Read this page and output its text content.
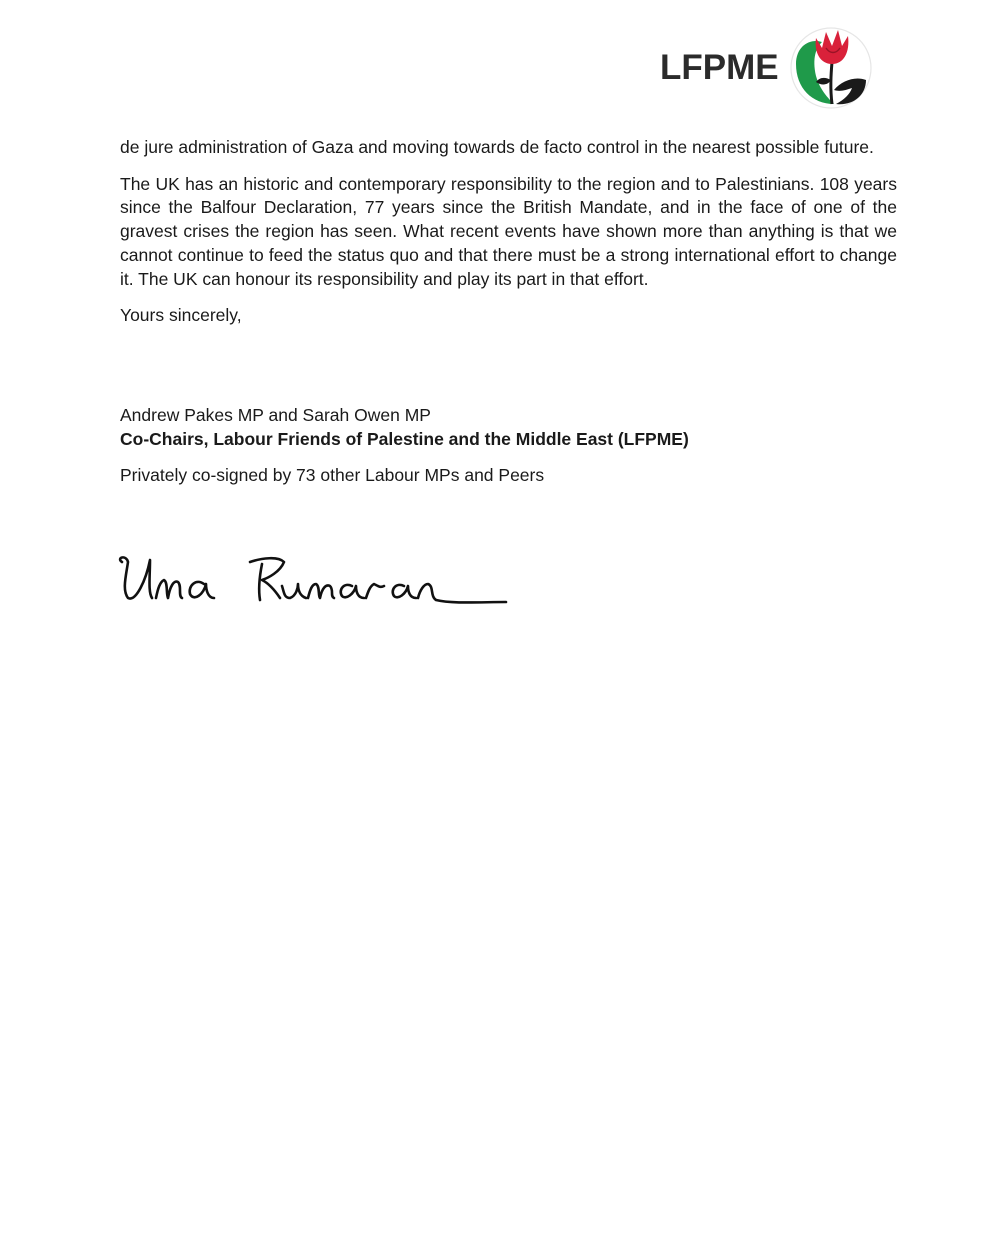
LFPME

de jure administration of Gaza and moving towards de facto control in the nearest possible future.

The UK has an historic and contemporary responsibility to the region and to Palestinians. 108 years since the Balfour Declaration, 77 years since the British Mandate, and in the face of one of the gravest crises the region has seen. What recent events have shown more than anything is that we cannot continue to feed the status quo and that there must be a strong international effort to change it. The UK can honour its responsibility and play its part in that effort.

Yours sincerely,

Andrew Pakes MP and Sarah Owen MP

Co-Chairs, Labour Friends of Palestine and the Middle East (LFPME)

Privately co-signed by 73 other Labour MPs and Peers
